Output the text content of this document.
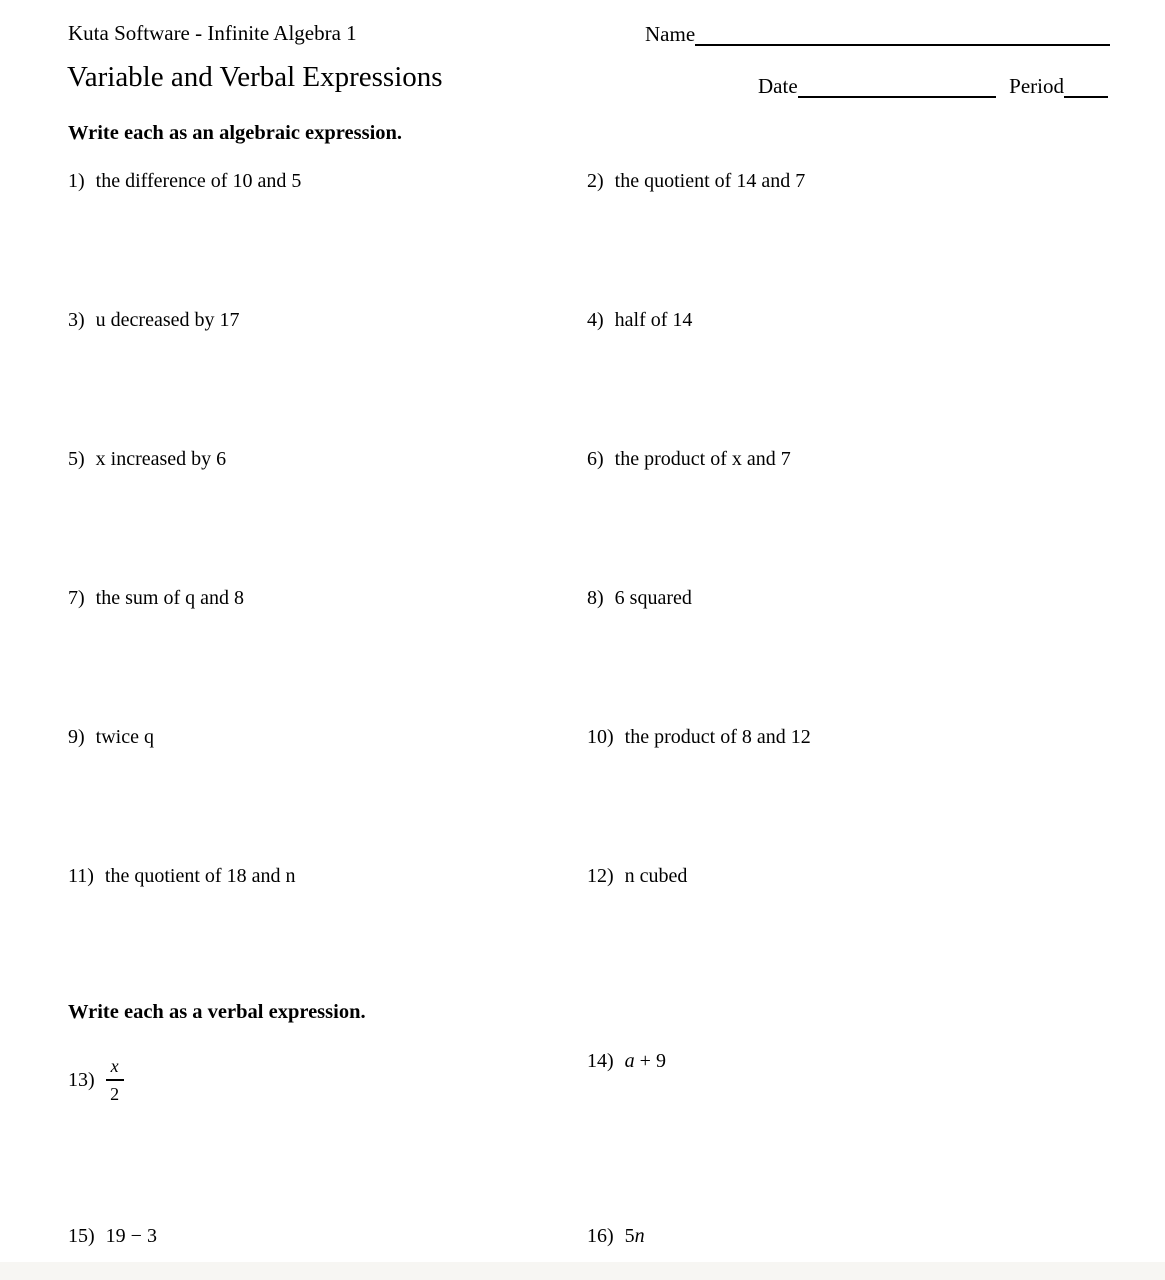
Kuta Software - Infinite Algebra 1	Name
Variable and Verbal Expressions	Date	Period
Write each as an algebraic expression.
1) the difference of 10 and 5	2) the quotient of 14 and 7
3) u decreased by 17	4) half of 14
5) x increased by 6	6) the product of x and 7
7) the sum of q and 8	8) 6 squared
9) twice q	10) the product of 8 and 12
11) the quotient of 18 and n	12) n cubed
Write each as a verbal expression.
$13) \frac{x}{2}$	14) a + 9
15) 19 − 3	16) 5n
